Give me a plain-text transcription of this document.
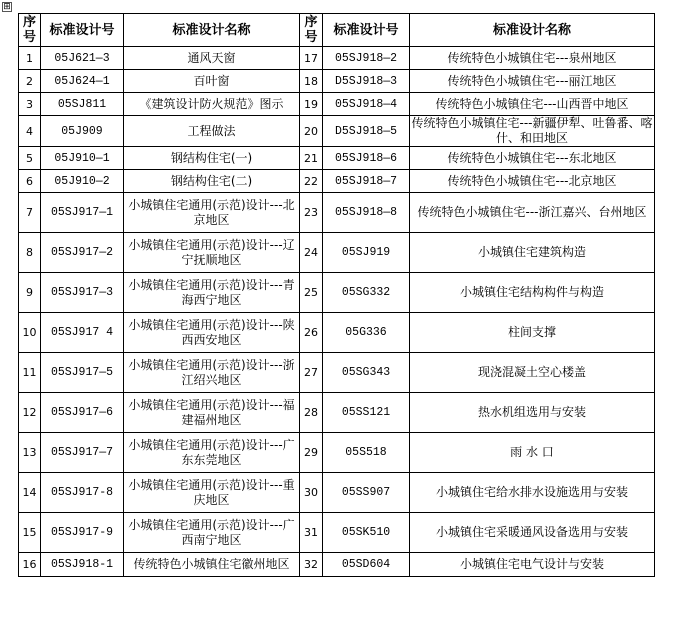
⊞
序号	标准设计号	标准设计名称	序号	标准设计号	标准设计名称
1	05J621—3	通风天窗	17	05SJ918—2	传统特色小城镇住宅---泉州地区
2	05J624—1	百叶窗	18	D5SJ918—3	传统特色小城镇住宅---丽江地区
3	05SJ811	《建筑设计防火规范》图示	19	05SJ918—4	传统特色小城镇住宅---山西晋中地区
4	05J909	工程做法	20	D5SJ918—5	传统特色小城镇住宅---新疆伊犁、吐鲁番、喀什、和田地区
5	05J910—1	钢结构住宅(一)	21	05SJ918—6	传统特色小城镇住宅---东北地区
6	05J910—2	钢结构住宅(二)	22	05SJ918—7	传统特色小城镇住宅---北京地区
7	05SJ917—1	小城镇住宅通用(示范)设计---北京地区	23	05SJ918—8	传统特色小城镇住宅---浙江嘉兴、台州地区
8	05SJ917—2	小城镇住宅通用(示范)设计---辽宁抚顺地区	24	05SJ919	小城镇住宅建筑构造
9	05SJ917—3	小城镇住宅通用(示范)设计---青海西宁地区	25	05SG332	小城镇住宅结构构件与构造
10	05SJ917 4	小城镇住宅通用(示范)设计---陕西西安地区	26	05G336	柱间支撑
11	05SJ917—5	小城镇住宅通用(示范)设计---浙江绍兴地区	27	05SG343	现浇混凝土空心楼盖
12	05SJ917—6	小城镇住宅通用(示范)设计---福建福州地区	28	05SS121	热水机组选用与安装
13	05SJ917—7	小城镇住宅通用(示范)设计---广东东莞地区	29	05S518	雨 水 口
14	05SJ917-8	小城镇住宅通用(示范)设计---重庆地区	30	05SS907	小城镇住宅给水排水设施选用与安装
15	05SJ917-9	小城镇住宅通用(示范)设计---广西南宁地区	31	05SK510	小城镇住宅采暖通风设备选用与安装
16	05SJ918-1	传统特色小城镇住宅徽州地区	32	05SD604	小城镇住宅电气设计与安装
